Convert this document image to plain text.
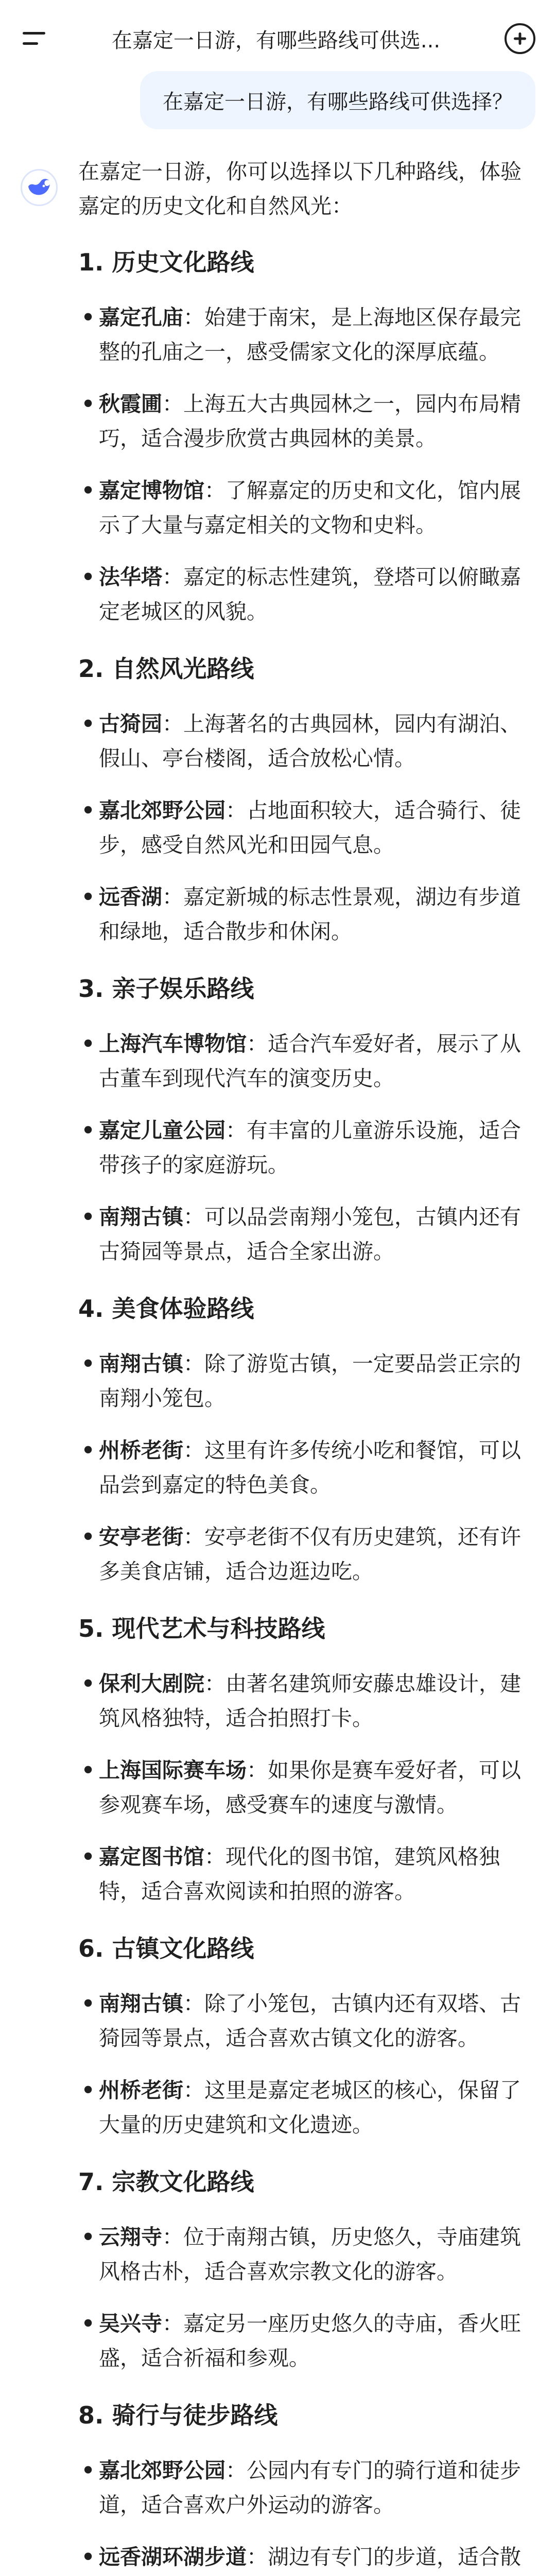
在嘉定一日游，有哪些路线可供选...
在嘉定一日游，有哪些路线可供选择？
在嘉定一日游，你可以选择以下几种路线，体验嘉定的历史文化和自然风光：
1. 历史文化路线
• 嘉定孔庙：始建于南宋，是上海地区保存最完整的孔庙之一，感受儒家文化的深厚底蕴。
• 秋霞圃：上海五大古典园林之一，园内布局精巧，适合漫步欣赏古典园林的美景。
• 嘉定博物馆：了解嘉定的历史和文化，馆内展示了大量与嘉定相关的文物和史料。
• 法华塔：嘉定的标志性建筑，登塔可以俯瞰嘉定老城区的风貌。
2. 自然风光路线
• 古猗园：上海著名的古典园林，园内有湖泊、假山、亭台楼阁，适合放松心情。
• 嘉北郊野公园：占地面积较大，适合骑行、徒步，感受自然风光和田园气息。
• 远香湖：嘉定新城的标志性景观，湖边有步道和绿地，适合散步和休闲。
3. 亲子娱乐路线
• 上海汽车博物馆：适合汽车爱好者，展示了从古董车到现代汽车的演变历史。
• 嘉定儿童公园：有丰富的儿童游乐设施，适合带孩子的家庭游玩。
• 南翔古镇：可以品尝南翔小笼包，古镇内还有古猗园等景点，适合全家出游。
4. 美食体验路线
• 南翔古镇：除了游览古镇，一定要品尝正宗的南翔小笼包。
• 州桥老街：这里有许多传统小吃和餐馆，可以品尝到嘉定的特色美食。
• 安亭老街：安亭老街不仅有历史建筑，还有许多美食店铺，适合边逛边吃。
5. 现代艺术与科技路线
• 保利大剧院：由著名建筑师安藤忠雄设计，建筑风格独特，适合拍照打卡。
• 上海国际赛车场：如果你是赛车爱好者，可以参观赛车场，感受赛车的速度与激情。
• 嘉定图书馆：现代化的图书馆，建筑风格独特，适合喜欢阅读和拍照的游客。
6. 古镇文化路线
• 南翔古镇：除了小笼包，古镇内还有双塔、古猗园等景点，适合喜欢古镇文化的游客。
• 州桥老街：这里是嘉定老城区的核心，保留了大量的历史建筑和文化遗迹。
7. 宗教文化路线
• 云翔寺：位于南翔古镇，历史悠久，寺庙建筑风格古朴，适合喜欢宗教文化的游客。
• 吴兴寺：嘉定另一座历史悠久的寺庙，香火旺盛，适合祈福和参观。
8. 骑行与徒步路线
• 嘉北郊野公园：公园内有专门的骑行道和徒步道，适合喜欢户外运动的游客。
• 远香湖环湖步道：湖边有专门的步道，适合散
